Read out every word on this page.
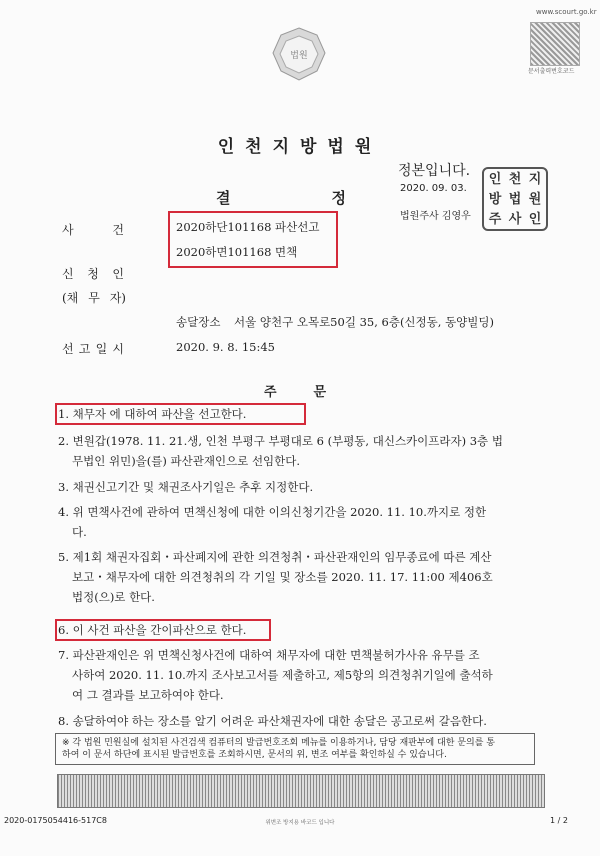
www.scourt.go.kr
문서출력번호코드
법원
인천지방법원
정본입니다.
2020. 09. 03.
법원주사 김영우
인 천 지
방 법 원
주 사 인
결	정
사	건	2020하단101168 파산선고
2020하면101168 면책
신 청 인
(채 무 자)
송달장소 서울 양천구 오목로50길 35, 6층(신정동, 동양빌딩)
선 고 일 시	2020. 9. 8. 15:45
주	문
1. 채무자 에 대하여 파산을 선고한다.
2. 변원갑(1978. 11. 21.생, 인천 부평구 부평대로 6 (부평동, 대신스카이프라자) 3층 법
무법인 위민)을(를) 파산관재인으로 선임한다.
3. 채권신고기간 및 채권조사기일은 추후 지정한다.
4. 위 면책사건에 관하여 면책신청에 대한 이의신청기간을 2020. 11. 10.까지로 정한
다.
5. 제1회 채권자집회・파산폐지에 관한 의견청취・파산관재인의 임무종료에 따른 계산
보고・채무자에 대한 의견청취의 각 기일 및 장소를 2020. 11. 17. 11:00 제406호
법정(으)로 한다.
6. 이 사건 파산을 간이파산으로 한다.
7. 파산관재인은 위 면책신청사건에 대하여 채무자에 대한 면책불허가사유 유무를 조
사하여 2020. 11. 10.까지 조사보고서를 제출하고, 제5항의 의견청취기일에 출석하
여 그 결과를 보고하여야 한다.
8. 송달하여야 하는 장소를 알기 어려운 파산채권자에 대한 송달은 공고로써 갈음한다.
※ 각 법원 민원실에 설치된 사건검색 컴퓨터의 발급번호조회 메뉴를 이용하거나, 담당 재판부에 대한 문의를 통
하여 이 문서 하단에 표시된 발급번호를 조회하시면, 문서의 위, 변조 여부를 확인하실 수 있습니다.
2020-0175054416-517C8	위변조 방지용 바코드 입니다	1 / 2
